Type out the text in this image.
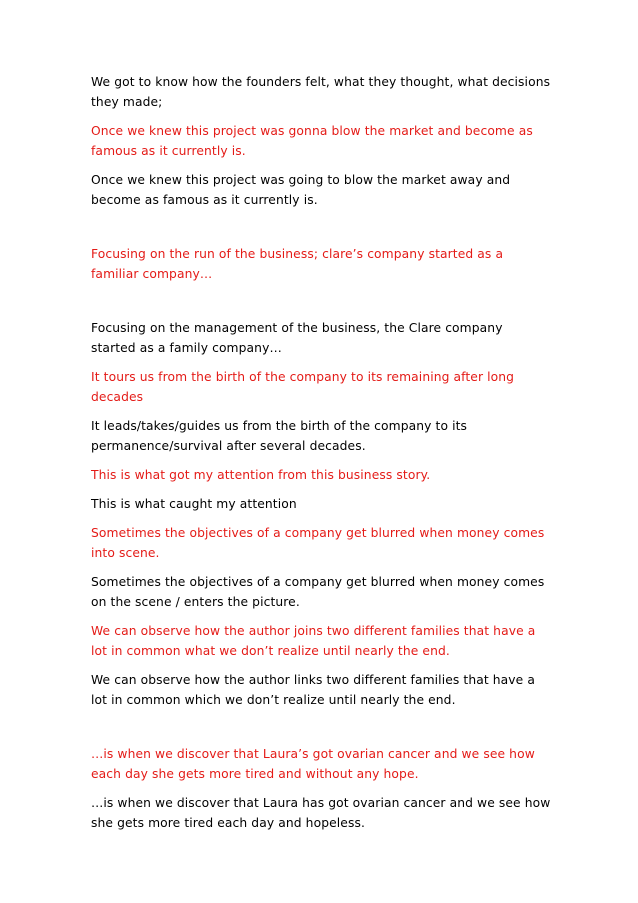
We got to know how the founders felt, what they thought, what decisions they made;

Once we knew this project was gonna blow the market and become as famous as it currently is.

Once we knew this project was going to blow the market away and become as famous as it currently is.

Focusing on the run of the business; clare’s company started as a familiar company…

Focusing on the management of the business, the Clare company started as a family company…

It tours us from the birth of the company to its remaining after long decades

It leads/takes/guides us from the birth of the company to its permanence/survival after several decades.

This is what got my attention from this business story.

This is what caught my attention

Sometimes the objectives of a company get blurred when money comes into scene.

Sometimes the objectives of a company get blurred when money comes on the scene / enters the picture.

We can observe how the author joins two different families that have a lot in common what we don’t realize until nearly the end.

We can observe how the author links two different families that have a lot in common which we don’t realize until nearly the end.

…is when we discover that Laura’s got ovarian cancer and we see how each day she gets more tired and without any hope.

…is when we discover that Laura has got ovarian cancer and we see how she gets more tired each day and hopeless.
